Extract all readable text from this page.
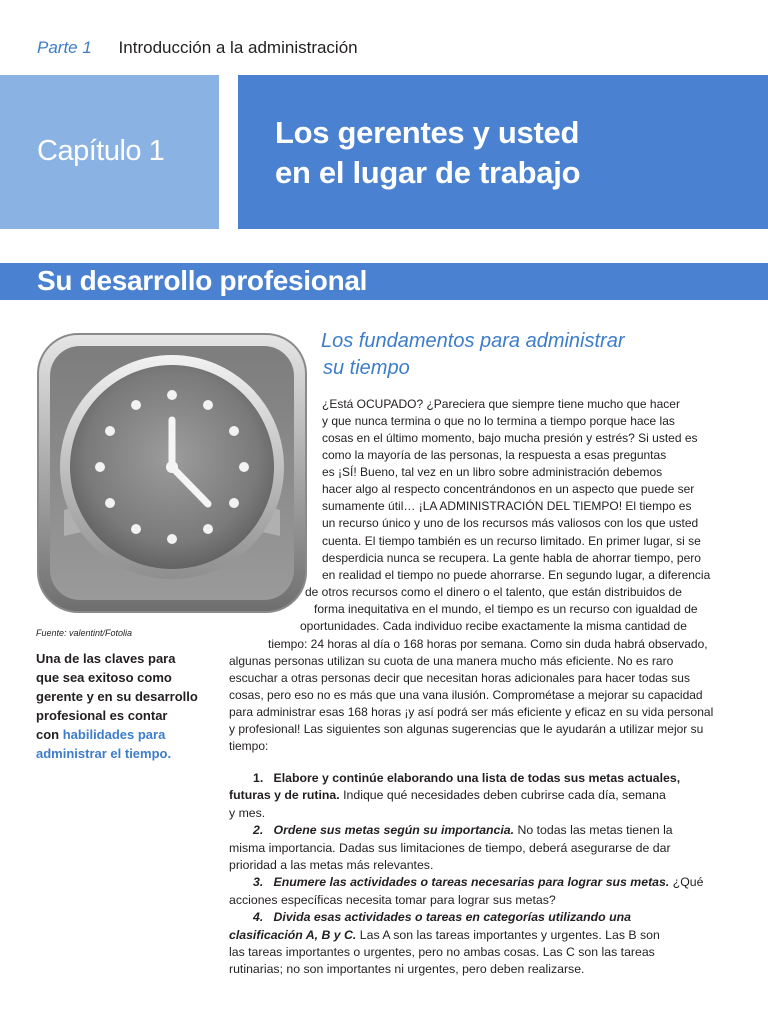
Parte 1 Introducción a la administración
Capítulo 1
Los gerentes y usted
en el lugar de trabajo
Su desarrollo profesional
Fuente: valentint/Fotolia
Una de las claves para
que sea exitoso como
gerente y en su desarrollo
profesional es contar
con habilidades para
administrar el tiempo.
Los fundamentos para administrar
su tiempo
¿Está OCUPADO? ¿Pareciera que siempre tiene mucho que hacer
y que nunca termina o que no lo termina a tiempo porque hace las
cosas en el último momento, bajo mucha presión y estrés? Si usted es
como la mayoría de las personas, la respuesta a esas preguntas
es ¡SÍ! Bueno, tal vez en un libro sobre administración debemos
hacer algo al respecto concentrándonos en un aspecto que puede ser
sumamente útil… ¡LA ADMINISTRACIÓN DEL TIEMPO! El tiempo es
un recurso único y uno de los recursos más valiosos con los que usted
cuenta. El tiempo también es un recurso limitado. En primer lugar, si se
desperdicia nunca se recupera. La gente habla de ahorrar tiempo, pero
en realidad el tiempo no puede ahorrarse. En segundo lugar, a diferencia
de otros recursos como el dinero o el talento, que están distribuidos de
forma inequitativa en el mundo, el tiempo es un recurso con igualdad de
oportunidades. Cada individuo recibe exactamente la misma cantidad de
tiempo: 24 horas al día o 168 horas por semana. Como sin duda habrá observado,
algunas personas utilizan su cuota de una manera mucho más eficiente. No es raro
escuchar a otras personas decir que necesitan horas adicionales para hacer todas sus
cosas, pero eso no es más que una vana ilusión. Comprométase a mejorar su capacidad
para administrar esas 168 horas ¡y así podrá ser más eficiente y eficaz en su vida personal
y profesional! Las siguientes son algunas sugerencias que le ayudarán a utilizar mejor su
tiempo:
1. Elabore y continúe elaborando una lista de todas sus metas actuales,
futuras y de rutina. Indique qué necesidades deben cubrirse cada día, semana
y mes.
2. Ordene sus metas según su importancia. No todas las metas tienen la
misma importancia. Dadas sus limitaciones de tiempo, deberá asegurarse de dar
prioridad a las metas más relevantes.
3. Enumere las actividades o tareas necesarias para lograr sus metas. ¿Qué
acciones específicas necesita tomar para lograr sus metas?
4. Divida esas actividades o tareas en categorías utilizando una
clasificación A, B y C. Las A son las tareas importantes y urgentes. Las B son
las tareas importantes o urgentes, pero no ambas cosas. Las C son las tareas
rutinarias; no son importantes ni urgentes, pero deben realizarse.
